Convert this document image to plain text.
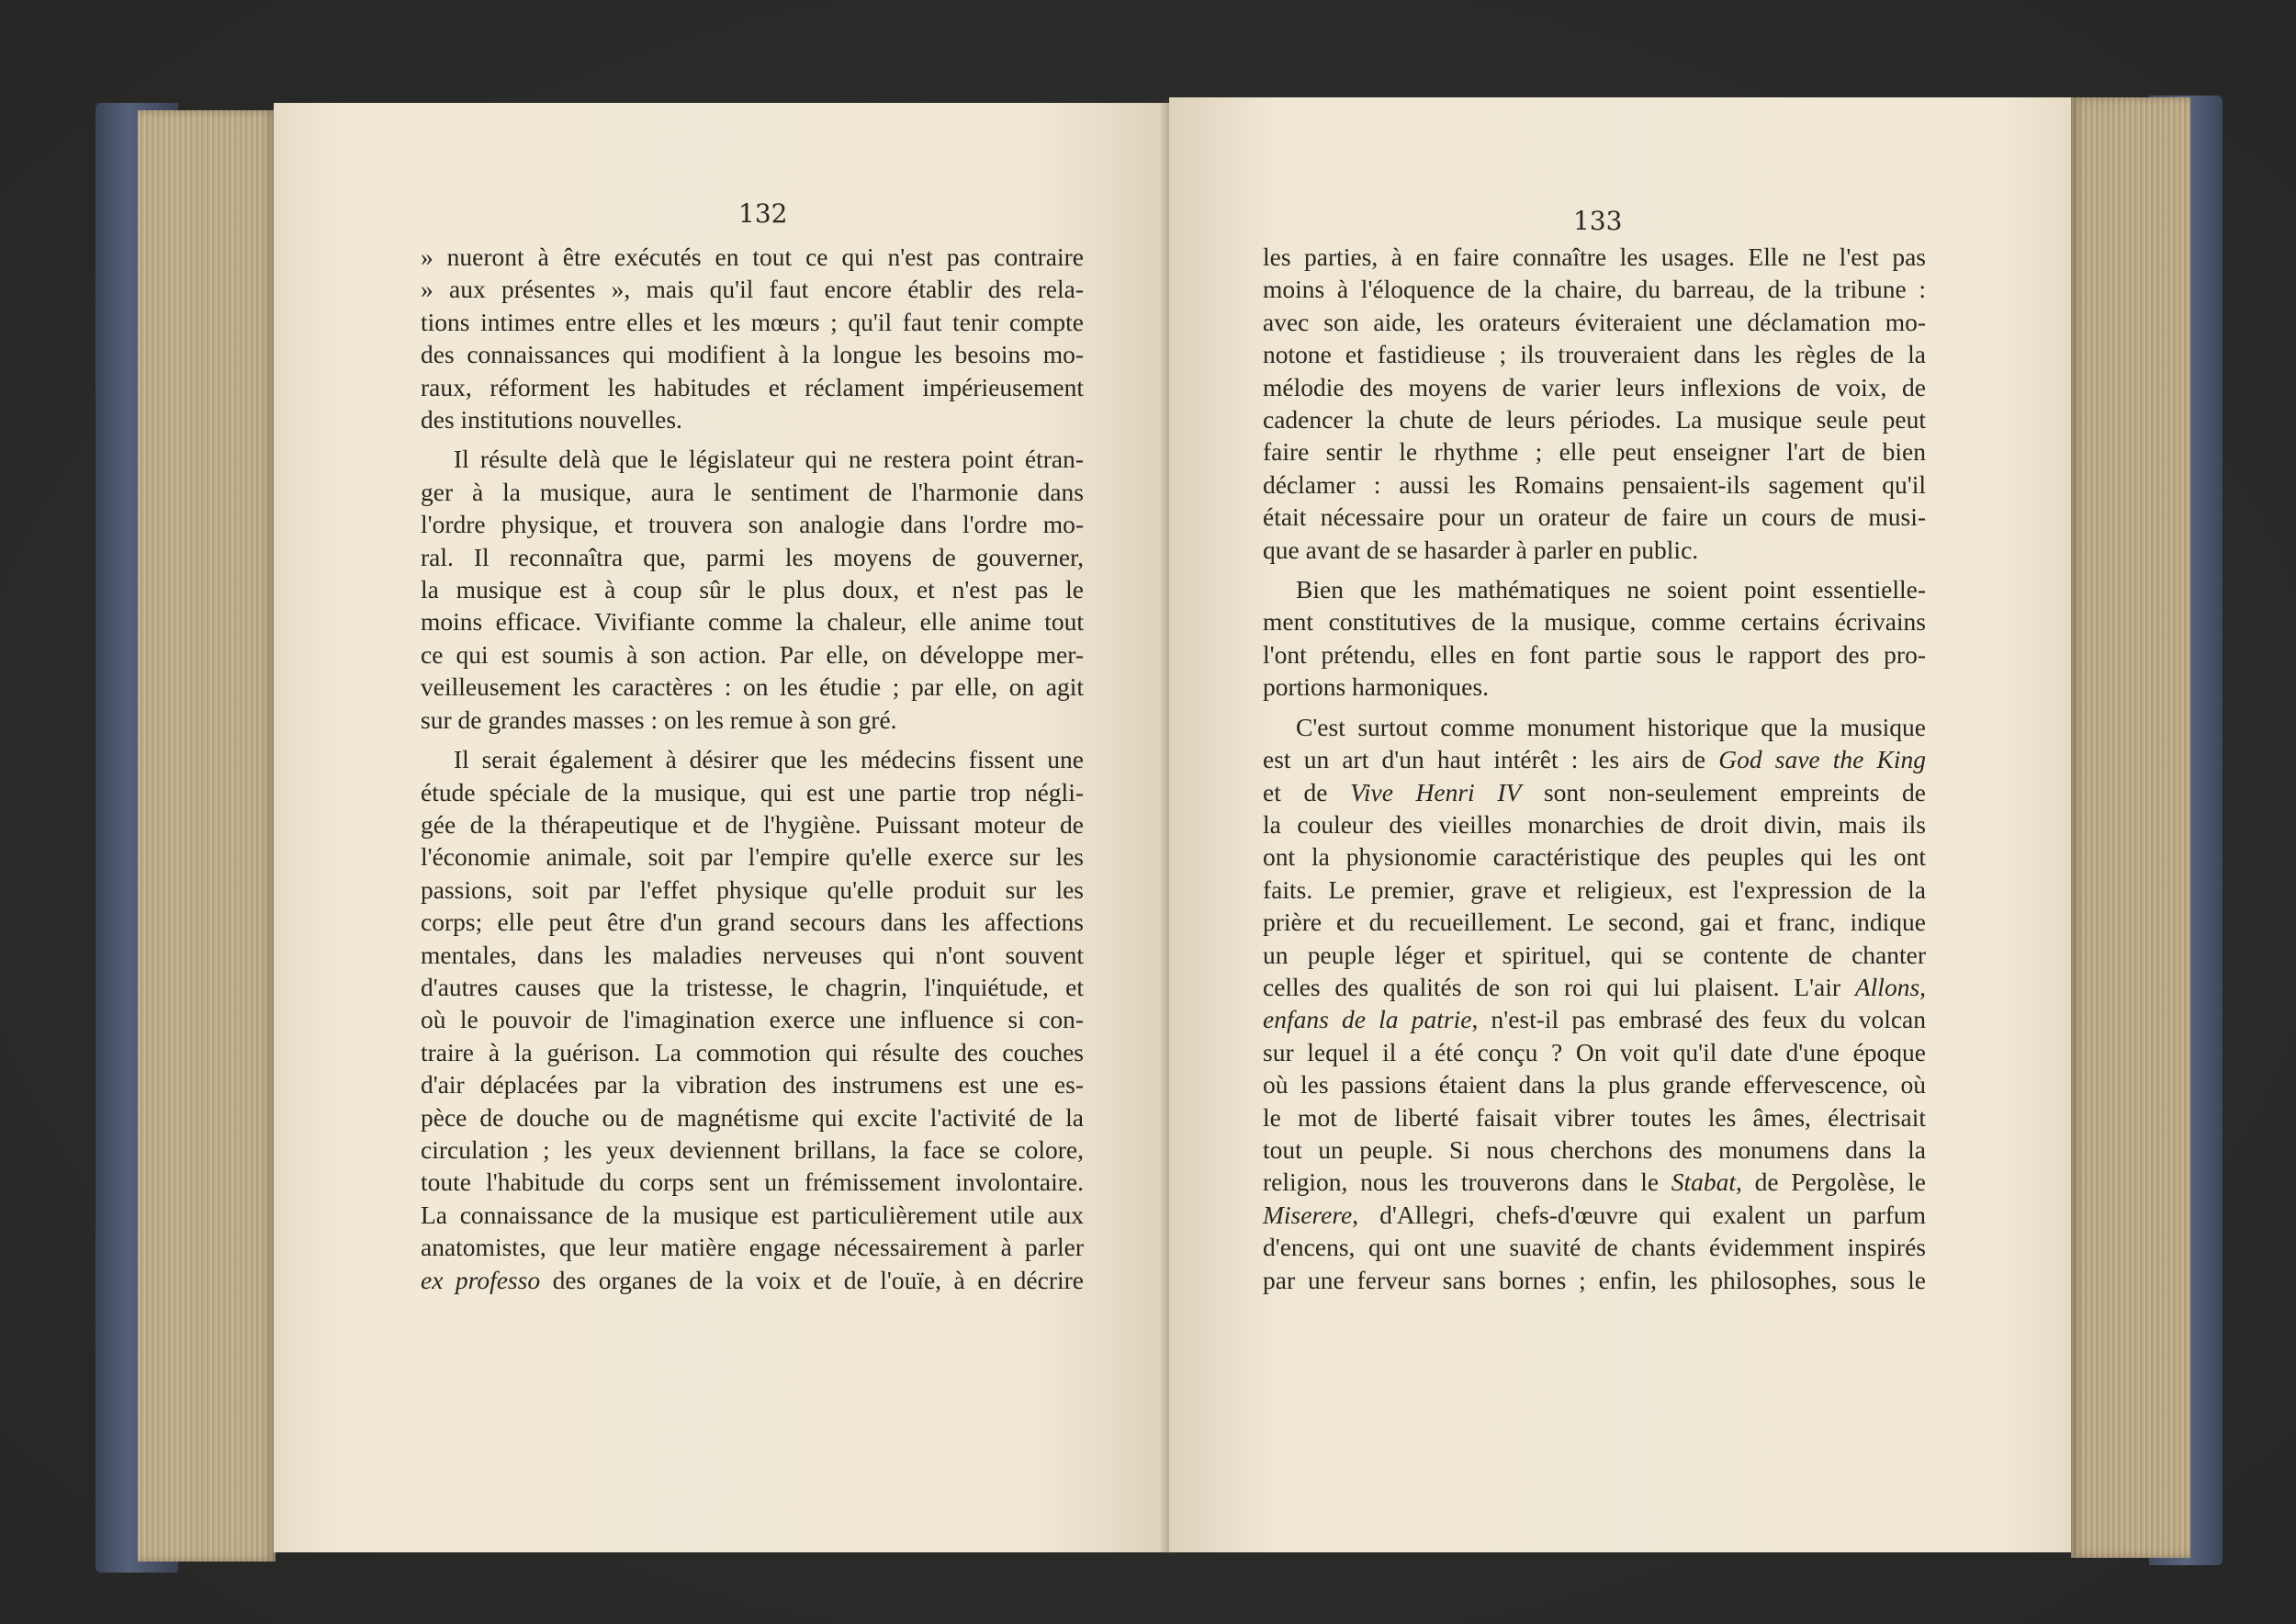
132

» nueront à être exécutés en tout ce qui n'est pas contraire

» aux présentes », mais qu'il faut encore établir des rela-

tions intimes entre elles et les mœurs ; qu'il faut tenir compte

des connaissances qui modifient à la longue les besoins mo-

raux, réforment les habitudes et réclament impérieusement

des institutions nouvelles.

Il résulte delà que le législateur qui ne restera point étran-

ger à la musique, aura le sentiment de l'harmonie dans

l'ordre physique, et trouvera son analogie dans l'ordre mo-

ral. Il reconnaîtra que, parmi les moyens de gouverner,

la musique est à coup sûr le plus doux, et n'est pas le

moins efficace. Vivifiante comme la chaleur, elle anime tout

ce qui est soumis à son action. Par elle, on développe mer-

veilleusement les caractères : on les étudie ; par elle, on agit

sur de grandes masses : on les remue à son gré.

Il serait également à désirer que les médecins fissent une

étude spéciale de la musique, qui est une partie trop négli-

gée de la thérapeutique et de l'hygiène. Puissant moteur de

l'économie animale, soit par l'empire qu'elle exerce sur les

passions, soit par l'effet physique qu'elle produit sur les

corps; elle peut être d'un grand secours dans les affections

mentales, dans les maladies nerveuses qui n'ont souvent

d'autres causes que la tristesse, le chagrin, l'inquiétude, et

où le pouvoir de l'imagination exerce une influence si con-

traire à la guérison. La commotion qui résulte des couches

d'air déplacées par la vibration des instrumens est une es-

pèce de douche ou de magnétisme qui excite l'activité de la

circulation ; les yeux deviennent brillans, la face se colore,

toute l'habitude du corps sent un frémissement involontaire.

La connaissance de la musique est particulièrement utile aux

anatomistes, que leur matière engage nécessairement à parler

ex professo des organes de la voix et de l'ouïe, à en décrire

133

les parties, à en faire connaître les usages. Elle ne l'est pas

moins à l'éloquence de la chaire, du barreau, de la tribune :

avec son aide, les orateurs éviteraient une déclamation mo-

notone et fastidieuse ; ils trouveraient dans les règles de la

mélodie des moyens de varier leurs inflexions de voix, de

cadencer la chute de leurs périodes. La musique seule peut

faire sentir le rhythme ; elle peut enseigner l'art de bien

déclamer : aussi les Romains pensaient-ils sagement qu'il

était nécessaire pour un orateur de faire un cours de musi-

que avant de se hasarder à parler en public.

Bien que les mathématiques ne soient point essentielle-

ment constitutives de la musique, comme certains écrivains

l'ont prétendu, elles en font partie sous le rapport des pro-

portions harmoniques.

C'est surtout comme monument historique que la musique

est un art d'un haut intérêt : les airs de God save the King

et de Vive Henri IV sont non-seulement empreints de

la couleur des vieilles monarchies de droit divin, mais ils

ont la physionomie caractéristique des peuples qui les ont

faits. Le premier, grave et religieux, est l'expression de la

prière et du recueillement. Le second, gai et franc, indique

un peuple léger et spirituel, qui se contente de chanter

celles des qualités de son roi qui lui plaisent. L'air Allons,

enfans de la patrie, n'est-il pas embrasé des feux du volcan

sur lequel il a été conçu ? On voit qu'il date d'une époque

où les passions étaient dans la plus grande effervescence, où

le mot de liberté faisait vibrer toutes les âmes, électrisait

tout un peuple. Si nous cherchons des monumens dans la

religion, nous les trouverons dans le Stabat, de Pergolèse, le

Miserere, d'Allegri, chefs-d'œuvre qui exalent un parfum

d'encens, qui ont une suavité de chants évidemment inspirés

par une ferveur sans bornes ; enfin, les philosophes, sous le
